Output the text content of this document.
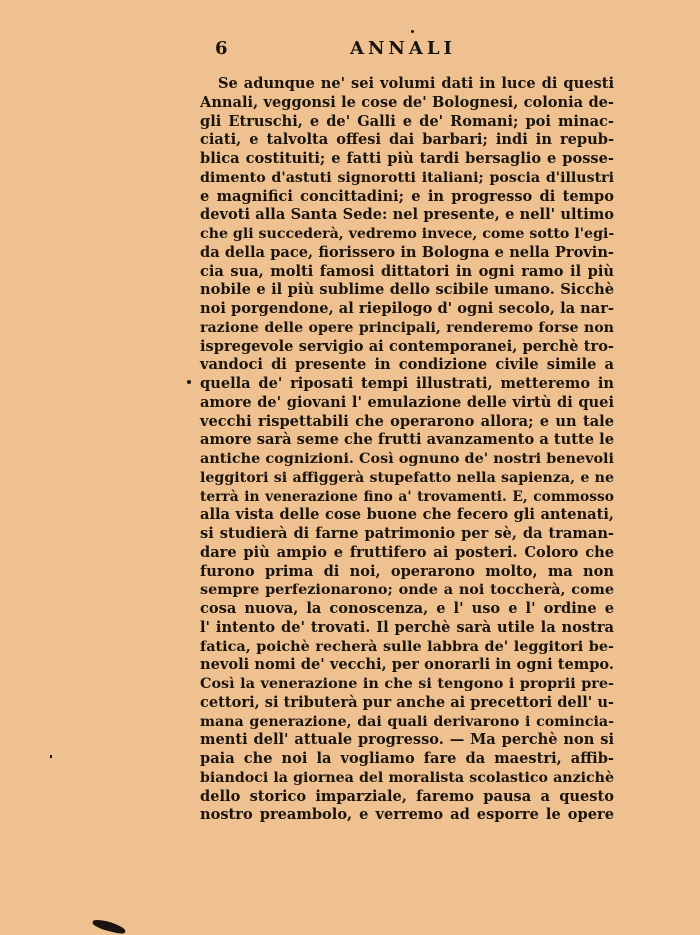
6	ANNALI
Se adunque ne' sei volumi dati in luce di questi
Annali, veggonsi le cose de' Bolognesi, colonia de-
gli Etruschi, e de' Galli e de' Romani; poi minac-
ciati, e talvolta offesi dai barbari; indi in repub-
blica costituiti; e fatti più tardi bersaglio e posse-
dimento d'astuti signorotti italiani; poscia d'illustri
e magnifici concittadini; e in progresso di tempo
devoti alla Santa Sede: nel presente, e nell' ultimo
che gli succederà, vedremo invece, come sotto l'egi-
da della pace, fiorissero in Bologna e nella Provin-
cia sua, molti famosi dittatori in ogni ramo il più
nobile e il più sublime dello scibile umano. Sicchè
noi porgendone, al riepilogo d' ogni secolo, la nar-
razione delle opere principali, renderemo forse non
ispregevole servigio ai contemporanei, perchè tro-
vandoci di presente in condizione civile simile a
quella de' riposati tempi illustrati, metteremo in
amore de' giovani l' emulazione delle virtù di quei
vecchi rispettabili che operarono allora; e un tale
amore sarà seme che frutti avanzamento a tutte le
antiche cognizioni. Così ognuno de' nostri benevoli
leggitori si affiggerà stupefatto nella sapienza, e ne
terrà in venerazione fino a' trovamenti. E, commosso
alla vista delle cose buone che fecero gli antenati,
si studierà di farne patrimonio per sè, da traman-
dare più ampio e fruttifero ai posteri. Coloro che
furono prima di noi, operarono molto, ma non
sempre perfezionarono; onde a noi toccherà, come
cosa nuova, la conoscenza, e l' uso e l' ordine e
l' intento de' trovati. Il perchè sarà utile la nostra
fatica, poichè recherà sulle labbra de' leggitori be-
nevoli nomi de' vecchi, per onorarli in ogni tempo.
Così la venerazione in che si tengono i proprii pre-
cettori, si tributerà pur anche ai precettori dell' u-
mana generazione, dai quali derivarono i comincia-
menti dell' attuale progresso. — Ma perchè non si
paia che noi la vogliamo fare da maestri, affib-
biandoci la giornea del moralista scolastico anzichè
dello storico imparziale, faremo pausa a questo
nostro preambolo, e verremo ad esporre le opere
